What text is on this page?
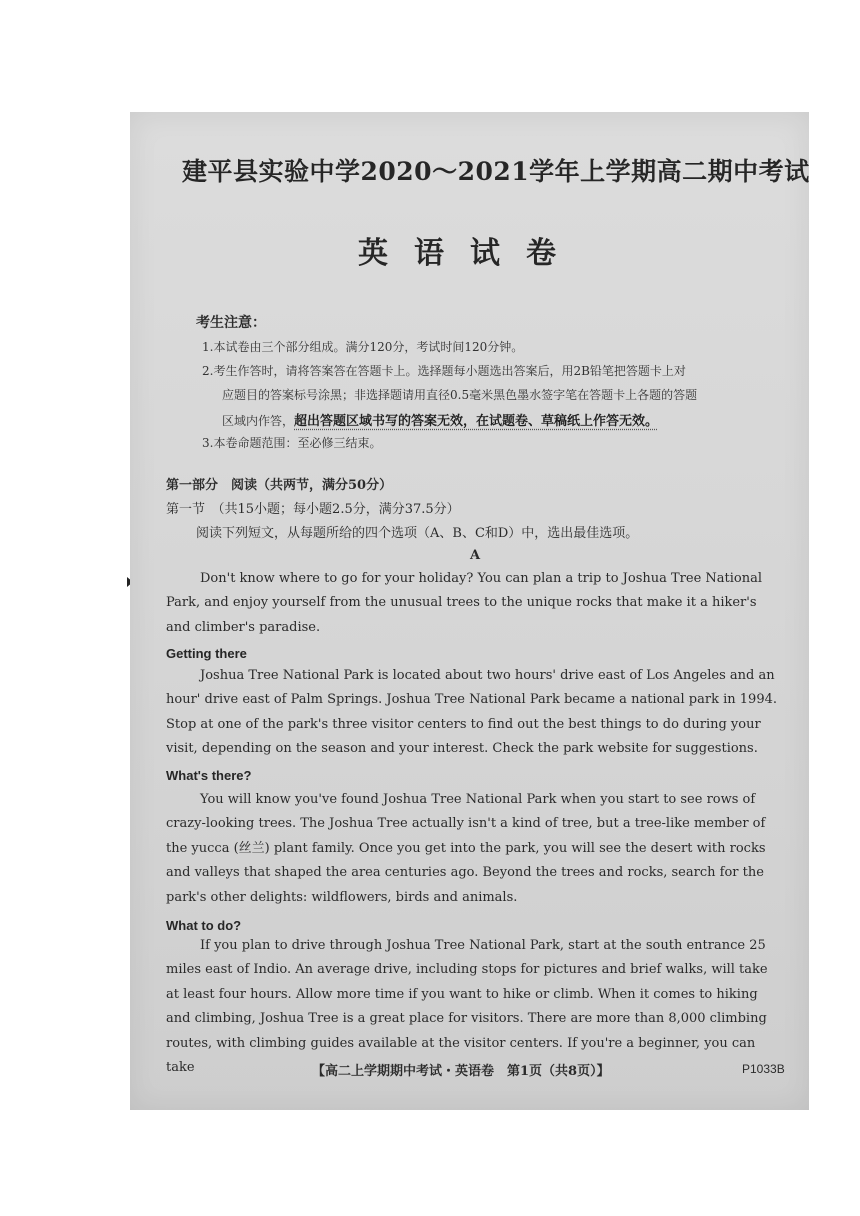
建平县实验中学2020～2021学年上学期高二期中考试
英语试卷
考生注意：
1.本试卷由三个部分组成。满分120分，考试时间120分钟。
2.考生作答时，请将答案答在答题卡上。选择题每小题选出答案后，用2B铅笔把答题卡上对
应题目的答案标号涂黑；非选择题请用直径0.5毫米黑色墨水签字笔在答题卡上各题的答题
区域内作答，超出答题区域书写的答案无效，在试题卷、草稿纸上作答无效。
3.本卷命题范围：至必修三结束。
第一部分　阅读（共两节，满分50分）
第一节　（共15小题；每小题2.5分，满分37.5分）
阅读下列短文，从每题所给的四个选项（A、B、C和D）中，选出最佳选项。
A
Don't know where to go for your holiday? You can plan a trip to Joshua Tree National Park, and enjoy yourself from the unusual trees to the unique rocks that make it a hiker's and climber's paradise.
Getting there
Joshua Tree National Park is located about two hours' drive east of Los Angeles and an hour' drive east of Palm Springs. Joshua Tree National Park became a national park in 1994. Stop at one of the park's three visitor centers to find out the best things to do during your visit, depending on the season and your interest. Check the park website for suggestions.
What's there?
You will know you've found Joshua Tree National Park when you start to see rows of crazy-looking trees. The Joshua Tree actually isn't a kind of tree, but a tree-like member of the yucca (丝兰) plant family. Once you get into the park, you will see the desert with rocks and valleys that shaped the area centuries ago. Beyond the trees and rocks, search for the park's other delights: wildflowers, birds and animals.
What to do?
If you plan to drive through Joshua Tree National Park, start at the south entrance 25 miles east of Indio. An average drive, including stops for pictures and brief walks, will take at least four hours. Allow more time if you want to hike or climb. When it comes to hiking and climbing, Joshua Tree is a great place for visitors. There are more than 8,000 climbing routes, with climbing guides available at the visitor centers. If you're a beginner, you can take	【高二上学期期中考试・英语卷　第1页（共8页）】	P1033B
